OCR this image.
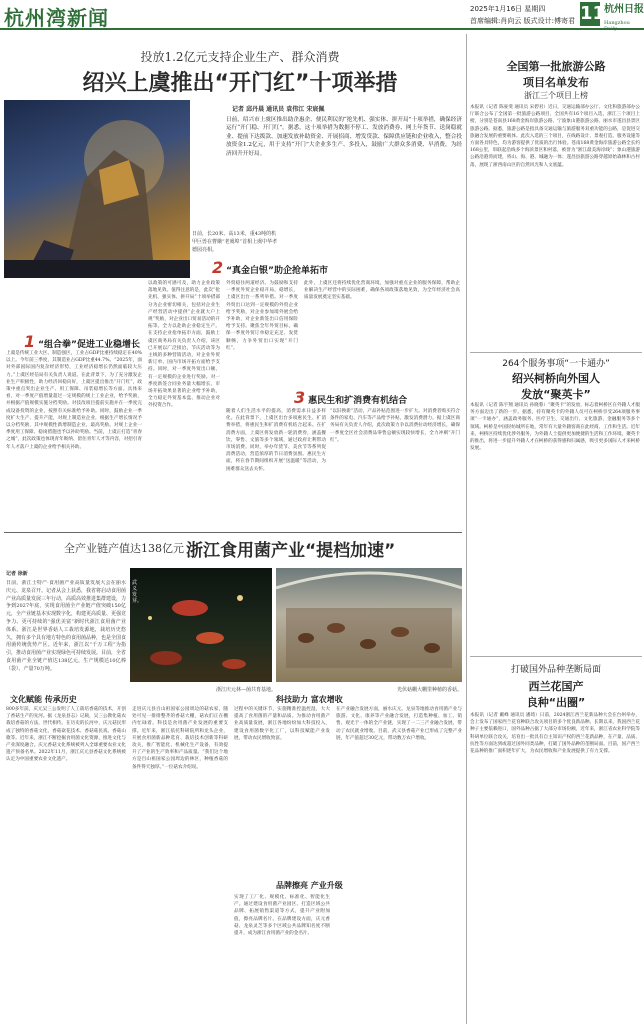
杭州湾新闻	2025年1月16日 星期四
首席编辑:肖向云 版式设计:傅寄君 11
杭州日报
Hangzhou Daily
投放1.2亿元支持企业生产、群众消费
绍兴上虞推出“开门红”十项举措
日前，长20米、高13米，重43吨的机甲巨兽在曹娥“老虞埠”首相上虞中华孝德园亮相。
记者 邱丹晨 通讯员 袁伟江 宋宸佩
日前，绍兴市上虞区推出助企惠企、便民利民的“抢先机、强实体、拼开局”十项举措，确保经济运行“开门稳、开门红”。据悉，这十项举措为数据不停工、发放消费券、网上年货节、送岗稳就业、提前下达拨款、加速发放补助资金、开展招商、增发贷款、保障供应链和企业收入，整合投放资金1.2亿元，用于支持“开门”大企业多生产、多投入，鼓励广大群众多消费、早消费，为经济回升开好局。
2 “真金白银”助企抢单拓市
1 “组合拳”促进工业稳增长
3 惠民生和扩消费有机结合
上虞是传统工业大区、制造强区，工业占GDP比重持续稳定在40%以上。今年前三季度，其制造业占GDP比重44.7%。“2025年，面对外部国际国内复杂经济形势，工业经济稳增长仍然面临较大压力。”上虞区经信局有关负责人说道。在此背景下，为了充分激发企业生产积极性，助力经济回稳向好，上虞区提出推出“开门红”，政策中重点突出企业生产、用工保障、吊装稳增长等方面。具体来看，对一季度产值增量超过一定规模的规上工业企业，给予奖励，并根据产值规模实施分档奖励。对技改项目提前实施并在一季度完成设备投资的企业，按照有关标准给予补助。同时，鼓励企业一季度扩大生产、提升产能，对规上制造业企业，根据生产增长情况予以分档奖励，其中规模性新增制造企业，最高奖励。对规上企业一季度用工保障、稳岗措施也予以补助奖励。当前，上虞正打造“青春之城”，此次政策也体现青年吸纳、留住青年人才等内容，对招引青年人才落户上虞的企业给予相关补助。
以政策的可感可及，助力企业政策落地见效。值得注意的是，此次“抢先机、强实体、拼开局”十项举措部分为企业密切相关，包括对企业生产经营活动中提供“企业就大户上规”奖励，对企业出口贸易活动的开拓等。全力以赴助企业稳定生产。在支持企业抢单拓市方面，鼓励上虞区商务局有关负责人介绍，该区已开展以广泛接洽、节庆活动等为主线的多种营销活动，对企业外贸新订单、国内市场开拓方面给予支持。同时，对一季度外贸出口额、有一定规模的企业进行奖励。对一季度新签合同业务量大幅增长、市场开拓效果显著的企业给予补助，全力稳定外贸基本盘、推动企业对外投资合作。
外贸稳住两道经济。为鼓励和支持一季度外贸企业稳开局、稳增长，上虞区出台一系列举措。对一季度外贸出口达到一定规模的外贸企业给予奖励，对企业参加境外展会给予补助，对企业新签出口信用保险给予支持。聚焦全年外贸目标，确保一季度外贸订单稳定充足、发货顺畅，力争外贸出口实现“开门红”。
此外，上虞区还将持续优化营商环境，加强对重点企业的服务保障，帮助企业解决生产经营中的实际困难，确保各项政策落地见效，为全年经济社会高质量发展奠定坚实基础。
随着人们生活水平的提高，消费需求日益多样化。在此背景下，上虞区出台多项惠民生、扩消费举措，将惠民生和扩消费有机结合起来。在扩消费方面，上虞区将发放新一轮消费券，涵盖餐饮、零售、文旅等多个领域，通过政府让利带动市场消费。同时，举办年货节、美食节等系列促消费活动，营造浓厚的节日消费氛围。惠民生方面，将在春节期间组织开展“送温暖”等活动，为困难群众送去关怀。
“以旧换新”活动，产品补贴范围进一步扩大。对消费者购买符合条件的家电、汽车等产品给予补贴，激发消费潜力。据上虞区商务局有关负责人介绍，此次政策力争以消费拉动经济增长，确保一季度全区社会消费品零售总额实现较快增长，全力冲刺“开门红”。
全国第一批旅游公路
项目名单发布
浙江三个项目上榜
本报讯（记者 陈豪斐 通讯员 宋碧君）近日，交通运输部办公厅、文化和旅游部办公厅联合公布了全国第一批旅游公路项目，全国共有16个项目入选，浙江三个项目上榜，分别是苍南县168黄金海岸旅游公路、宁波象山港旅游公路、丽水市遂昌县景区旅游公路。据悉，旅游公路是指具备交通运输与旅游服务双重功能的公路，是促进交旅融合发展的重要载体。此次入选的三个项目，在线路设计、景观打造、服务设施等方面各具特色，均为游客提供了优质的出行体验。苍南168黄金海岸旅游公路全长约168公里，串联起沿线多个海滨景区和村落，被誉为“浙江最美海岸线”；象山港旅游公路沿港湾而建，将山、海、港、城融为一体；遂昌县旅游公路穿越原始森林和古村落，展现了浙西南山区的自然风光和人文底蕴。
264个服务事项“一卡通办”
绍兴柯桥向外国人
发放“聚英卡”
本报讯（记者 陈宇翔 通讯员 孙晓蓉）“聚英卡”的发放，标志着柯桥区在外籍人才服务方面迈出了新的一步。据悉，持有聚英卡的外籍人员可在柯桥享受264项服务事项“一卡通办”，涵盖政务服务、医疗卫生、交通出行、文化旅游、金融服务等多个领域。柯桥是中国轻纺城所在地，常年有大量外籍客商在此经商、工作和生活。近年来，柯桥区持续优化涉外服务，为外籍人士提供更加便捷的生活和工作环境。聚英卡的推出，将进一步提升外籍人才在柯桥的获得感和归属感，吸引更多国际人才来柯桥发展。
打破国外品种垄断局面
西兰花国产
良种“出圈”
本报讯（记者 戴峰 通讯员 潘琦）日前，2024浙江西兰花新品种大会在台州举办，会上发布了国家西兰花育种联合攻关项目的多个优良新品种。长期以来，我国西兰花种子主要依赖进口，国外品种占据了大部分市场份额。近年来，浙江省农业科学院等科研单位联合攻关，培育出一批具有自主知识产权的西兰花新品种，在产量、品质、抗性等方面达到或超过国外同类品种，打破了国外品种的垄断局面。目前，国产西兰花品种的推广面积逐年扩大，为农民增收和产业发展提供了有力支撑。
全产业链产值达138亿元 浙江食用菌产业“提档加速”
记者 徐新
日前，浙江士特产·食用菌产业高质量发展大会在丽水庆元、龙泉召开。记者从会上获悉，我省将启动食用菌产业高质量发展三年行动，高质高效推进集群建设，力争到2027年底，实现食用菌全产业链产值突破150亿元，全产业链基本实现数字化，构建更高质量、更强竞争力、更可持续的“强优美富”新时代浙江食用菌产业体系。浙江是世界香菇人工栽培发源地，栽培历史悠久，拥有多个具有地方特色的食用菌品种，也是全国食用菌传统优势产区。近年来，浙江以“千万工程”为指引，推动食用菌产业实现绿色可持续发展。目前，全省食用菌产业全链产值达138亿元，生产规模达10亿棒（袋）、产量70万吨。
浙江庆元林—菌共育基地。
武义发芽。
光伏菇棚大棚里种植的香菇。
文化赋能 传承历史	科技助力 富农增收
品牌擦亮 产业升级
800多年前，庆元吴三公发明了人工栽培香菇的技术，开创了香菇生产的先河。据《龙泉县志》记载，吴三公教化菇农栽培香菇的方法，世代相传。在历史的长河中，庆元菇民形成了独特的香菇文化，香菇砍花技术、香菇菇民戏、香菇山歌等。近年来，浙江不断挖掘食用菌文化资源，推进文化与产业深度融合。庆元香菇文化系统被列入全球重要农业文化遗产预备名单。2022年11月，浙江庆元县香菇文化系统被认定为中国重要农业文化遗产。
走进庆元县百山祖国家公园周边的菇农家，随处可见一排排整齐的香菇大棚，菇农们正在棚内忙碌着。科技是食用菌产业发展的重要支撑。近年来，浙江依托科研院所和龙头企业，开展食用菌新品种选育、栽培技术创新等科研攻关，推广智能化、机械化生产设备，有效提升了产业的生产效率和产品质量。“我们这个地方是百山祖国家公园周边的林区，种植香菇的条件得天独厚。”一位菇农介绍说。
过程中的关键环节，实施精准控温控湿，大大提高了食用菌的产量和品质。为推动食用菌产业高质量发展，浙江各地纷纷加大科技投入，建设食用菌数字化工厂，以科技赋能产业发展，带动农民增收致富。
实现了工厂化、规模化、标准化、智能化生产。通过建设食用菌产业园区、打造区域公共品牌、拓展销售渠道等方式，提升产业附加值，擦亮品牌名片。在品牌建设方面，庆元香菇、龙泉灵芝等多个区域公共品牌知名度不断提升，成为浙江食用菌产业的金名片。
在产业融合发展方面，丽水庆元、龙泉等地推动食用菌产业与旅游、文化、康养等产业融合发展，打造集种植、加工、销售、观光于一体的全产业链，实现了一二三产业融合发展，带动了农民就业增收。目前，武义县香菇产业已形成了完整产业链，年产值超过30亿元，带动数万农户增收。
